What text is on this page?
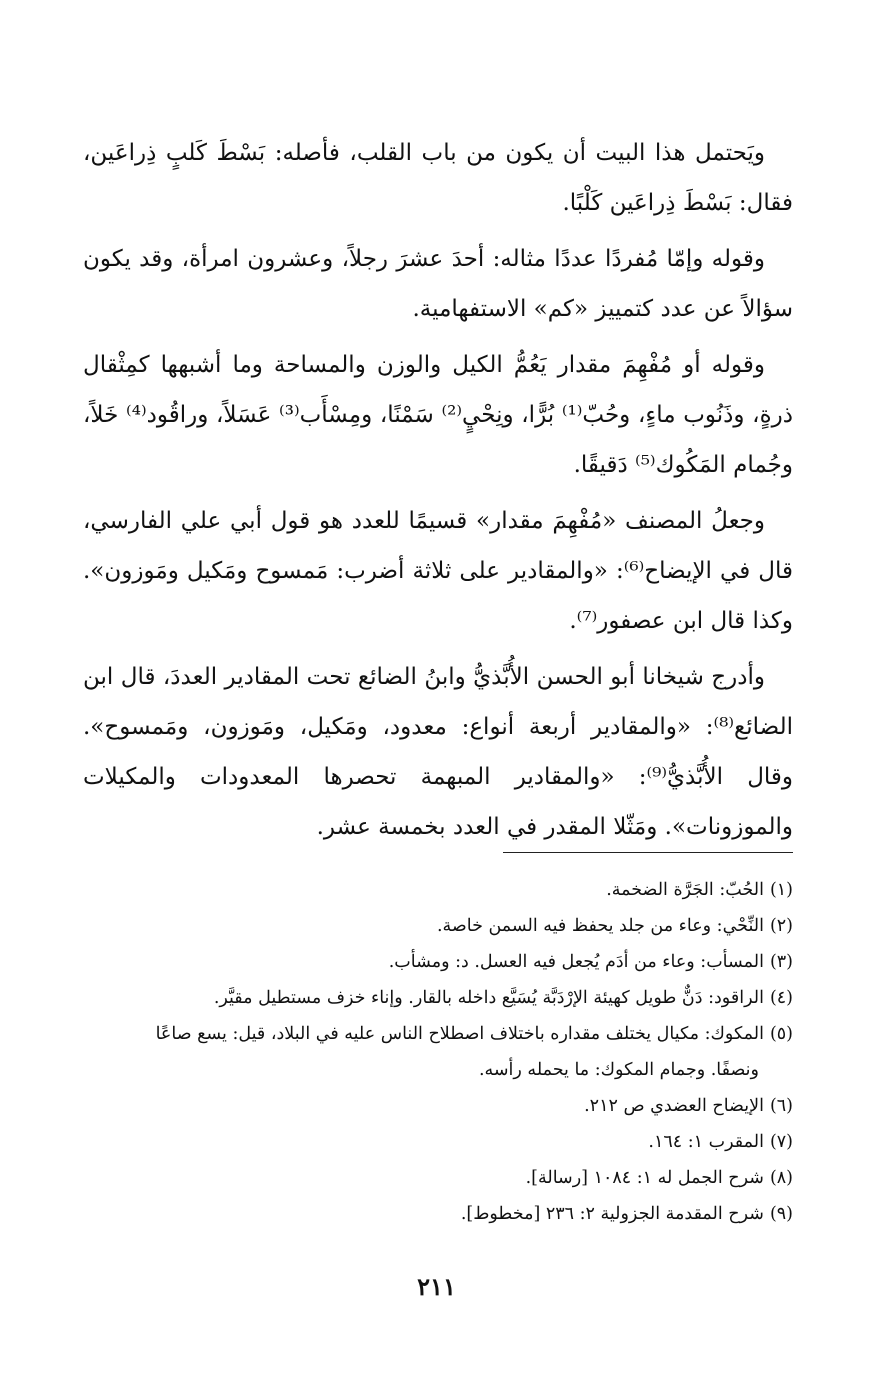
ويَحتمل هذا البيت أن يكون من باب القلب، فأصله: بَسْطَ كَلبٍ ذِراعَين، فقال: بَسْطَ ذِراعَين كَلْبًا.

وقوله وإمّا مُفردًا عددًا مثاله: أحدَ عشرَ رجلاً، وعشرون امرأة، وقد يكون سؤالاً عن عدد كتمييز «كم» الاستفهامية.

وقوله أو مُفْهِمَ مقدار يَعُمُّ الكيل والوزن والمساحة وما أشبهها كمِثْقال ذرةٍ، وذَنُوب ماءٍ، وحُبّ⁽¹⁾ بُرًّا، ونِحْيٍ⁽²⁾ سَمْنًا، ومِسْأَب⁽³⁾ عَسَلاً، وراقُود⁽⁴⁾ خَلاً، وجُمام المَكُوك⁽⁵⁾ دَقيقًا.

وجعلُ المصنف «مُفْهِمَ مقدار» قسيمًا للعدد هو قول أبي علي الفارسي، قال في الإيضاح⁽⁶⁾: «والمقادير على ثلاثة أضرب: مَمسوح ومَكيل ومَوزون». وكذا قال ابن عصفور⁽⁷⁾.

وأدرج شيخانا أبو الحسن الأُبَّذيُّ وابنُ الضائع تحت المقادير العددَ، قال ابن الضائع⁽⁸⁾: «والمقادير أربعة أنواع: معدود، ومَكيل، ومَوزون، ومَمسوح». وقال الأُبَّذيُّ⁽⁹⁾: «والمقادير المبهمة تحصرها المعدودات والمكيلات والموزونات». ومَثّلا المقدر في العدد بخمسة عشر.

(١)الحُبّ: الجَرَّة الضخمة.

(٢)النِّحْي: وعاء من جلد يحفظ فيه السمن خاصة.

(٣)المسأب: وعاء من أدَم يُجعل فيه العسل. د: ومشأب.

(٤)الراقود: دَنٌّ طويل كهيئة الإرْدَبَّة يُسَيَّع داخله بالقار. وإناء خزف مستطيل مقيَّر.

(٥)المكوك: مكيال يختلف مقداره باختلاف اصطلاح الناس عليه في البلاد، قيل: يسع صاعًا

ونصفًا. وجمام المكوك: ما يحمله رأسه.

(٦)الإيضاح العضدي ص ٢١٢.

(٧)المقرب ١: ١٦٤.

(٨)شرح الجمل له ١: ١٠٨٤ [رسالة].

(٩)شرح المقدمة الجزولية ٢: ٢٣٦ [مخطوط].

٢١١
